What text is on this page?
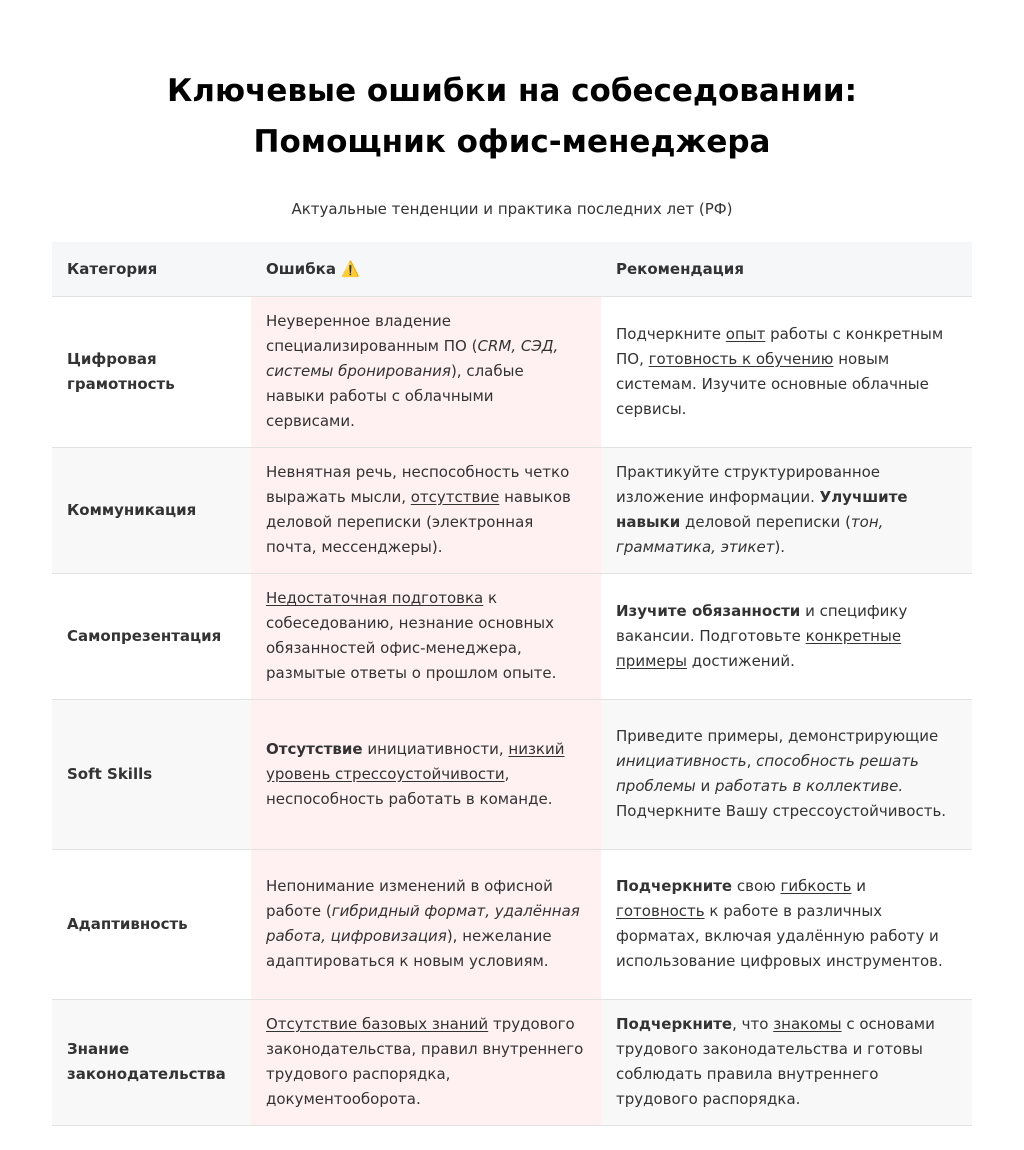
Ключевые ошибки на собеседовании:
Помощник офис-менеджера
Актуальные тенденции и практика последних лет (РФ)
Категория	Ошибка ⚠️	Рекомендация
Цифровая грамотность	Неуверенное владение специализированным ПО (CRM, СЭД, системы бронирования), слабые навыки работы с облачными сервисами.	Подчеркните опыт работы с конкретным ПО, готовность к обучению новым системам. Изучите основные облачные сервисы.
Коммуникация	Невнятная речь, неспособность четко выражать мысли, отсутствие навыков деловой переписки (электронная почта, мессенджеры).	Практикуйте структурированное изложение информации. Улучшите навыки деловой переписки (тон, грамматика, этикет).
Самопрезентация	Недостаточная подготовка к собеседованию, незнание основных обязанностей офис-менеджера, размытые ответы о прошлом опыте.	Изучите обязанности и специфику вакансии. Подготовьте конкретные примеры достижений.
Soft Skills	Отсутствие инициативности, низкий уровень стрессоустойчивости, неспособность работать в команде.	Приведите примеры, демонстрирующие инициативность, способность решать проблемы и работать в коллективе. Подчеркните Вашу стрессоустойчивость.
Адаптивность	Непонимание изменений в офисной работе (гибридный формат, удалённая работа, цифровизация), нежелание адаптироваться к новым условиям.	Подчеркните свою гибкость и готовность к работе в различных форматах, включая удалённую работу и использование цифровых инструментов.
Знание законодательства	Отсутствие базовых знаний трудового законодательства, правил внутреннего трудового распорядка, документооборота.	Подчеркните, что знакомы с основами трудового законодательства и готовы соблюдать правила внутреннего трудового распорядка.
